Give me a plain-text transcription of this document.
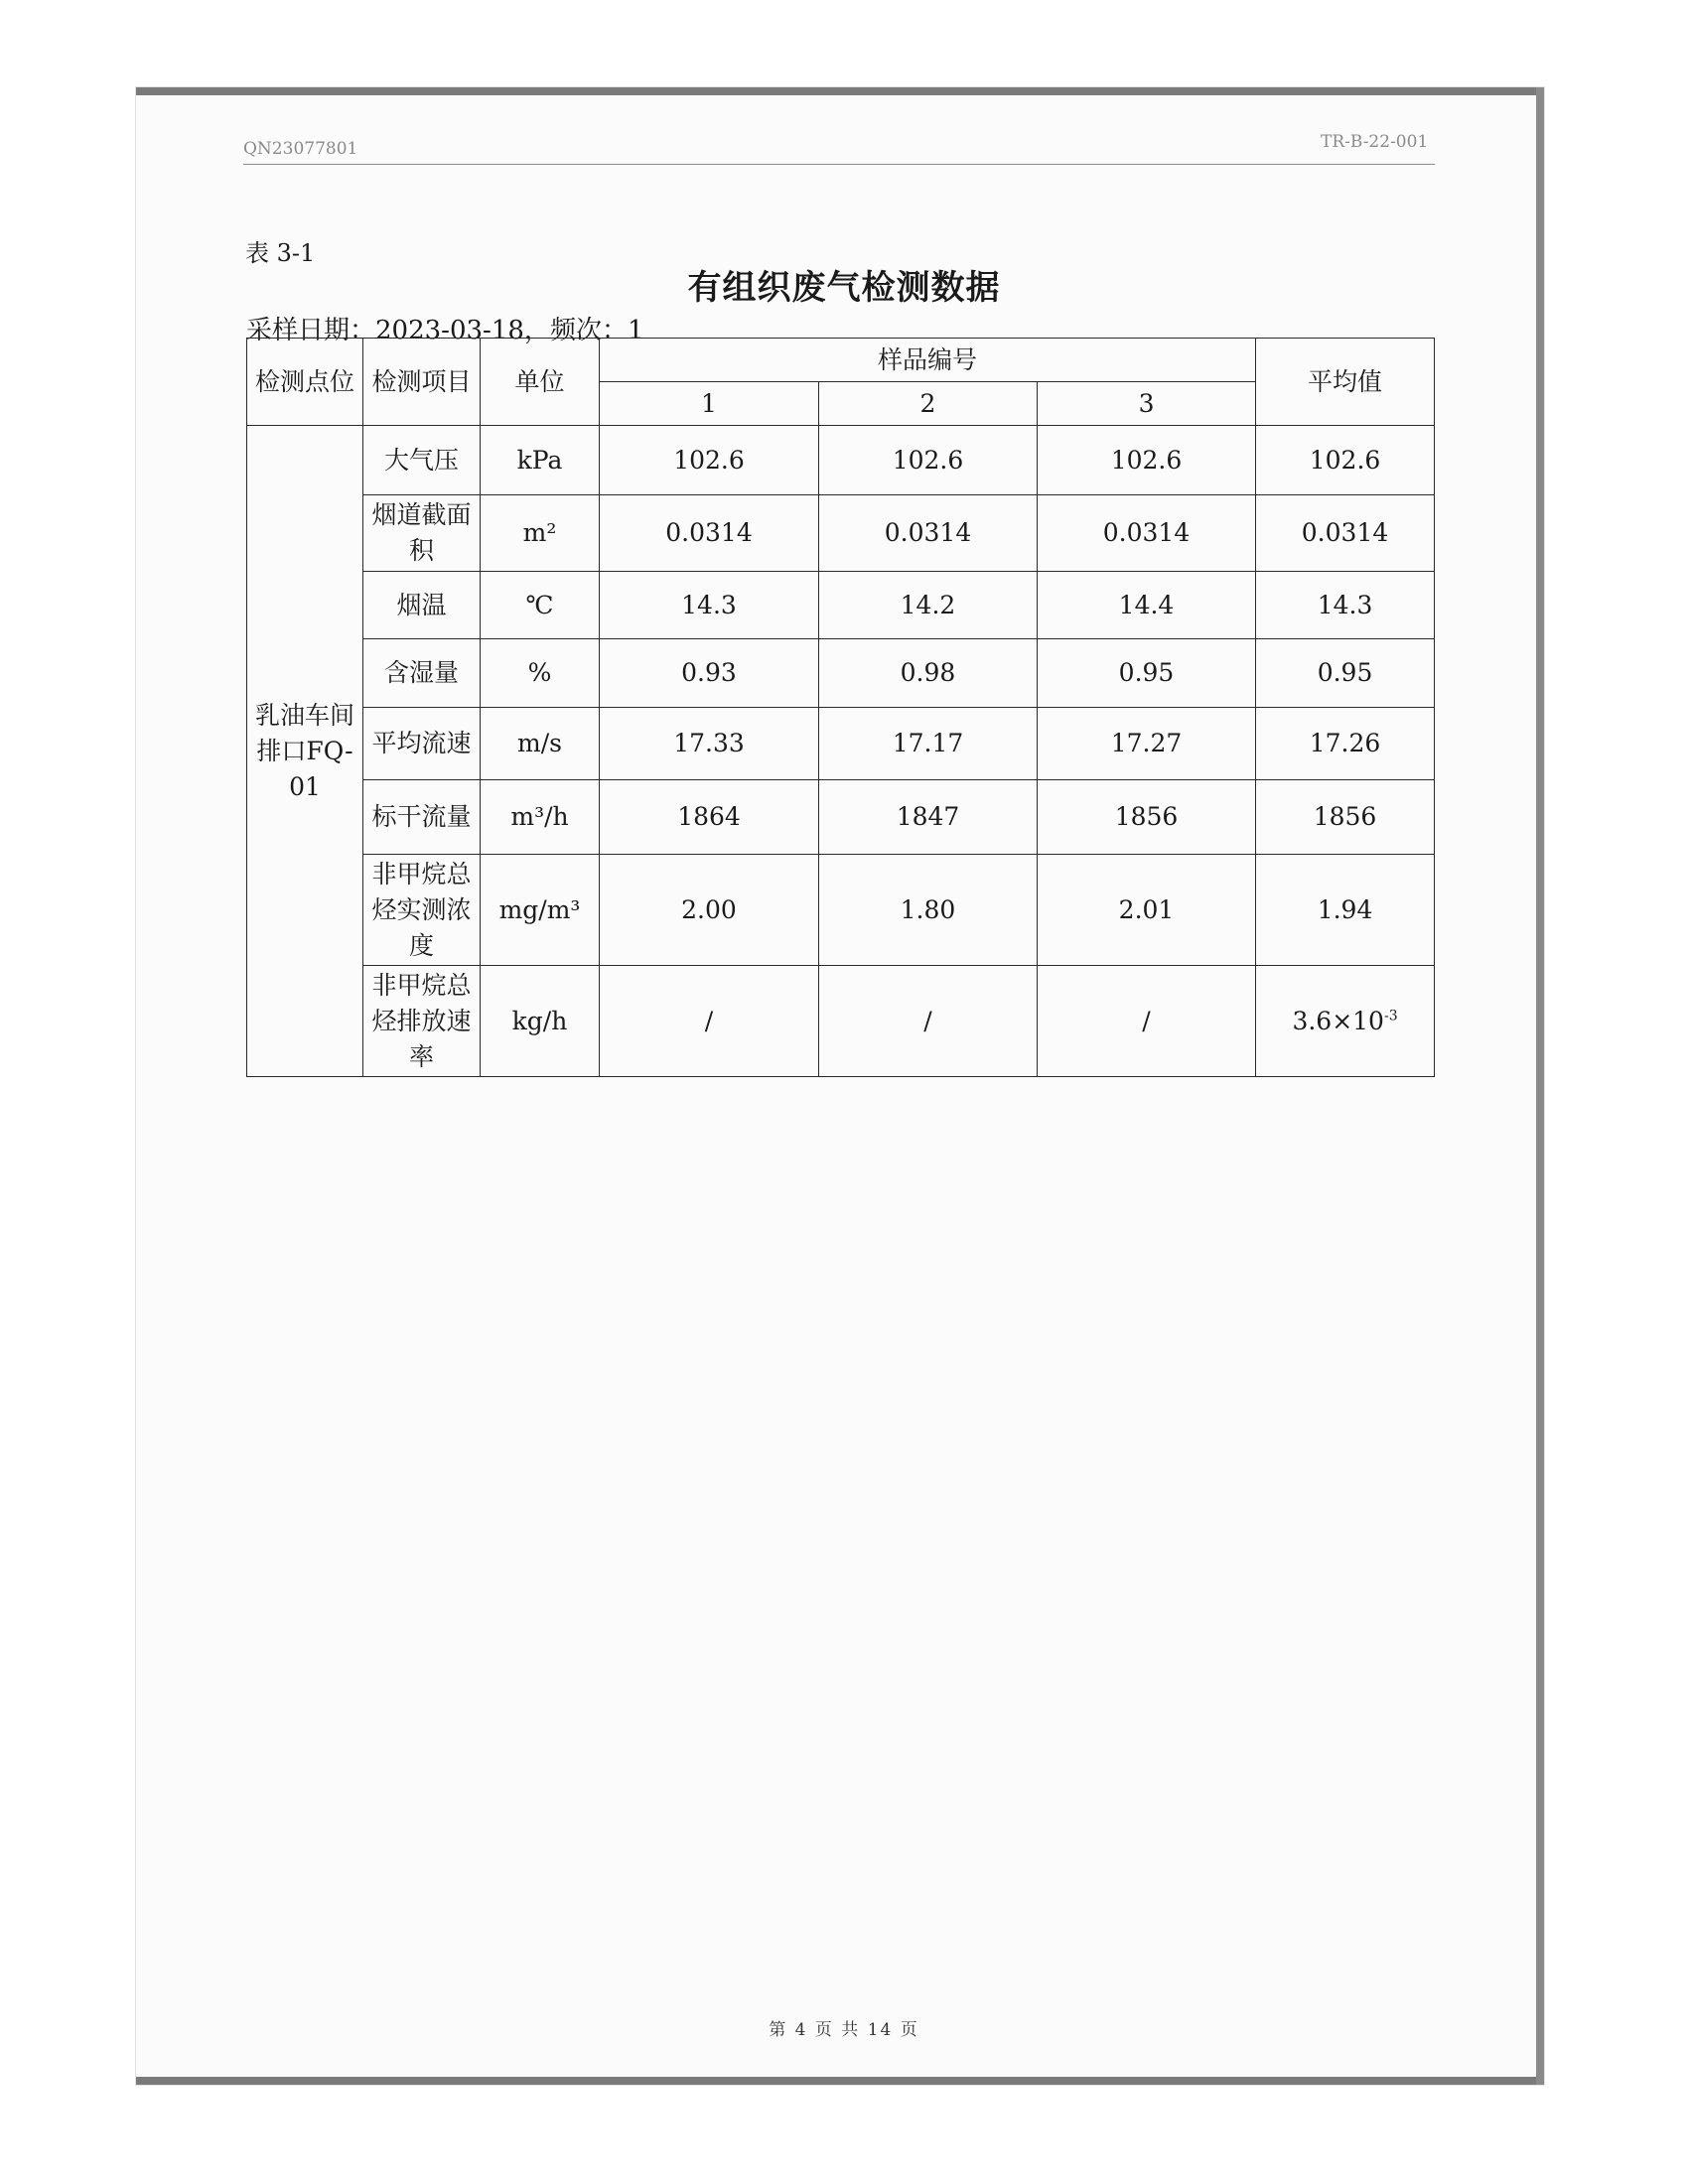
QN23077801	TR-B-22-001
表 3-1
有组织废气检测数据
采样日期：2023-03-18，频次：1
检测点位	检测项目	单位	样品编号			平均值
			1	2	3	
乳油车间排口FQ-01	大气压	kPa	102.6	102.6	102.6	102.6
	烟道截面积	m²	0.0314	0.0314	0.0314	0.0314
	烟温	℃	14.3	14.2	14.4	14.3
	含湿量	%	0.93	0.98	0.95	0.95
	平均流速	m/s	17.33	17.17	17.27	17.26
	标干流量	m³/h	1864	1847	1856	1856
	非甲烷总烃实测浓度	mg/m³	2.00	1.80	2.01	1.94
	非甲烷总烃排放速率	kg/h	/	/	/	$3.6\times 10^{-3}$
第 4 页 共 14 页
